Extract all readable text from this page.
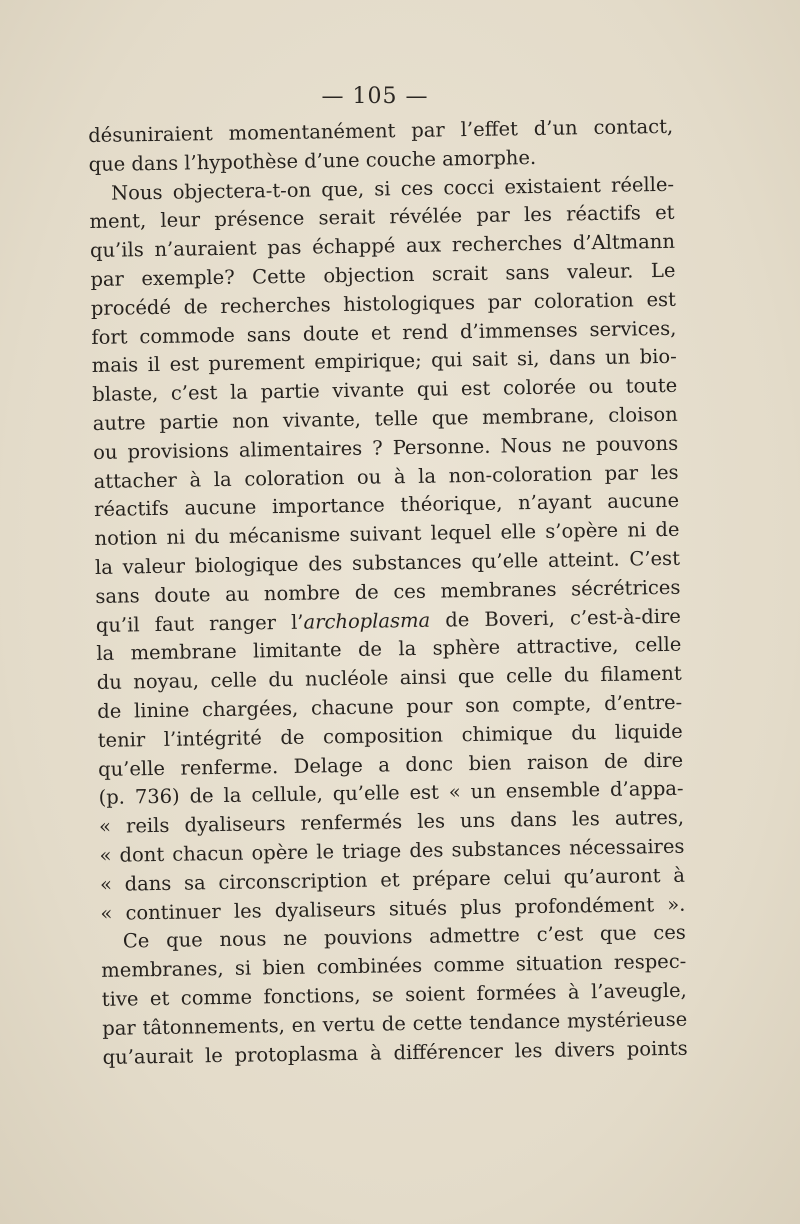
— 105 —
désuniraient momentanément par l’effet d’un contact,
que dans l’hypothèse d’une couche amorphe.
Nous objectera-t-on que, si ces cocci existaient réelle-
ment, leur présence serait révélée par les réactifs et
qu’ils n’auraient pas échappé aux recherches d’Altmann
par exemple? Cette objection scrait sans valeur. Le
procédé de recherches histologiques par coloration est
fort commode sans doute et rend d’immenses services,
mais il est purement empirique; qui sait si, dans un bio-
blaste, c’est la partie vivante qui est colorée ou toute
autre partie non vivante, telle que membrane, cloison
ou provisions alimentaires ? Personne. Nous ne pouvons
attacher à la coloration ou à la non-coloration par les
réactifs aucune importance théorique, n’ayant aucune
notion ni du mécanisme suivant lequel elle s’opère ni de
la valeur biologique des substances qu’elle atteint. C’est
sans doute au nombre de ces membranes sécrétrices
qu’il faut ranger l’archoplasma de Boveri, c’est-à-dire
la membrane limitante de la sphère attractive, celle
du noyau, celle du nucléole ainsi que celle du filament
de linine chargées, chacune pour son compte, d’entre-
tenir l’intégrité de composition chimique du liquide
qu’elle renferme. Delage a donc bien raison de dire
(p. 736) de la cellule, qu’elle est « un ensemble d’appa-
« reils dyaliseurs renfermés les uns dans les autres,
« dont chacun opère le triage des substances nécessaires
« dans sa circonscription et prépare celui qu’auront à
« continuer les dyaliseurs situés plus profondément ».
Ce que nous ne pouvions admettre c’est que ces
membranes, si bien combinées comme situation respec-
tive et comme fonctions, se soient formées à l’aveugle,
par tâtonnements, en vertu de cette tendance mystérieuse
qu’aurait le protoplasma à différencer les divers points
